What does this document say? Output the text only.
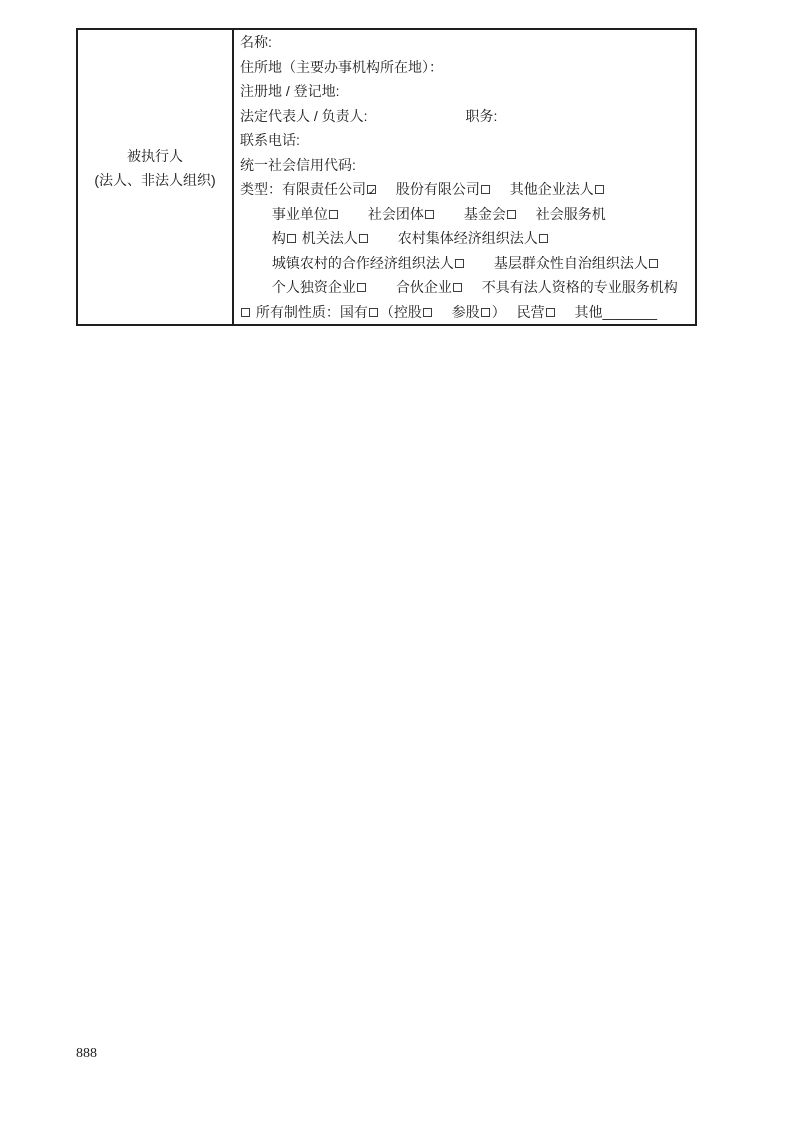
被执行人
(法人、非法人组织)
名称:
住所地（主要办事机构所在地）：
注册地 / 登记地:
法定代表人 / 负责人:　　　　　　　职务:
联系电话:
统一社会信用代码:
类型：有限责任公司 ✓　 股份有限公司　 其他企业法人
　　 事业单位　　社会团体　　基金会　 社会服务机
　　 构 机关法人　　农村集体经济组织法人
　　 城镇农村的合作经济组织法人　　基层群众性自治组织法人
　　 个人独资企业　　合伙企业　 不具有法人资格的专业服务机构
所有制性质：国有 （控股　 参股 ）　 民营　 其他_______
888
